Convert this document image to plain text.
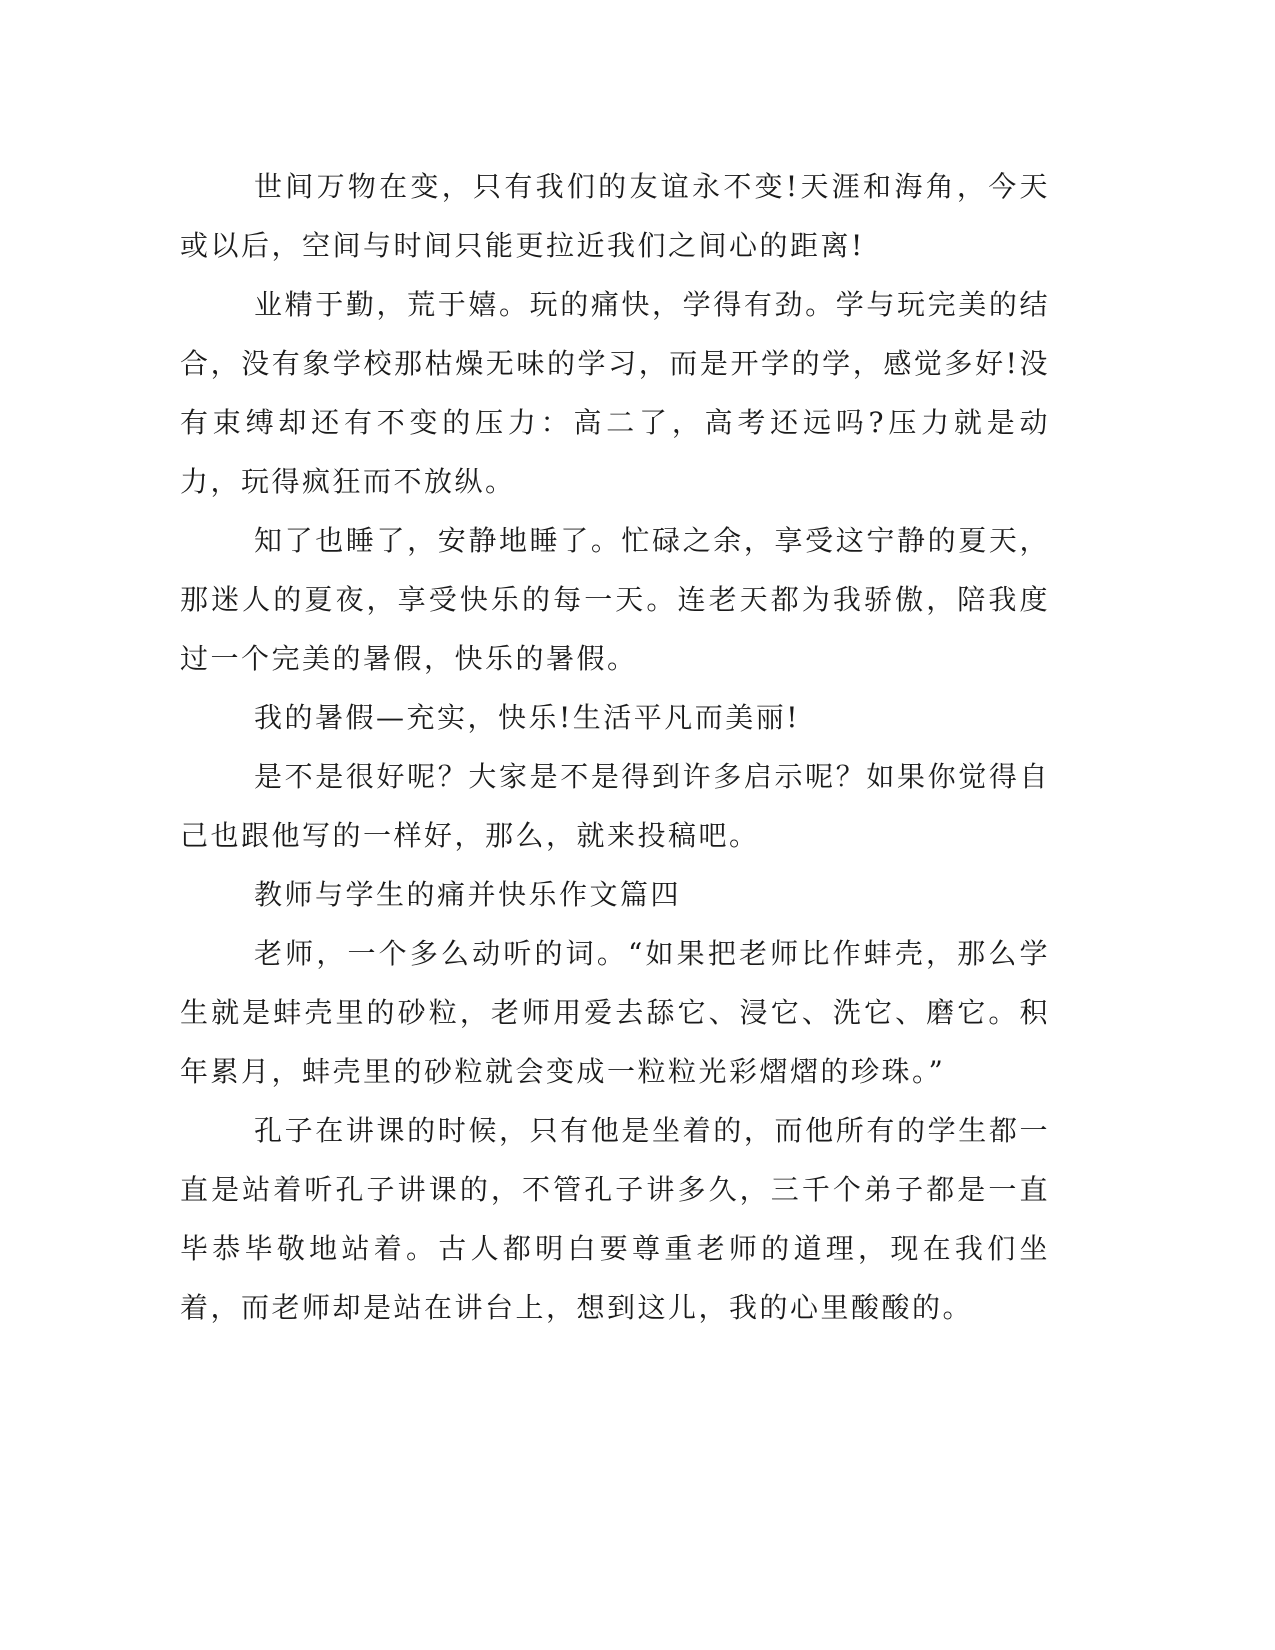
世间万物在变，只有我们的友谊永不变!天涯和海角，今天或以后，空间与时间只能更拉近我们之间心的距离!

业精于勤，荒于嬉。玩的痛快，学得有劲。学与玩完美的结合，没有象学校那枯燥无味的学习，而是开学的学，感觉多好!没有束缚却还有不变的压力：高二了，高考还远吗?压力就是动力，玩得疯狂而不放纵。

知了也睡了，安静地睡了。忙碌之余，享受这宁静的夏天，那迷人的夏夜，享受快乐的每一天。连老天都为我骄傲，陪我度过一个完美的暑假，快乐的暑假。

我的暑假—充实，快乐!生活平凡而美丽!

是不是很好呢？大家是不是得到许多启示呢？如果你觉得自己也跟他写的一样好，那么，就来投稿吧。

教师与学生的痛并快乐作文篇四

老师，一个多么动听的词。“如果把老师比作蚌壳，那么学生就是蚌壳里的砂粒，老师用爱去舔它、浸它、洗它、磨它。积年累月，蚌壳里的砂粒就会变成一粒粒光彩熠熠的珍珠。”

孔子在讲课的时候，只有他是坐着的，而他所有的学生都一直是站着听孔子讲课的，不管孔子讲多久，三千个弟子都是一直毕恭毕敬地站着。古人都明白要尊重老师的道理，现在我们坐着，而老师却是站在讲台上，想到这儿，我的心里酸酸的。
